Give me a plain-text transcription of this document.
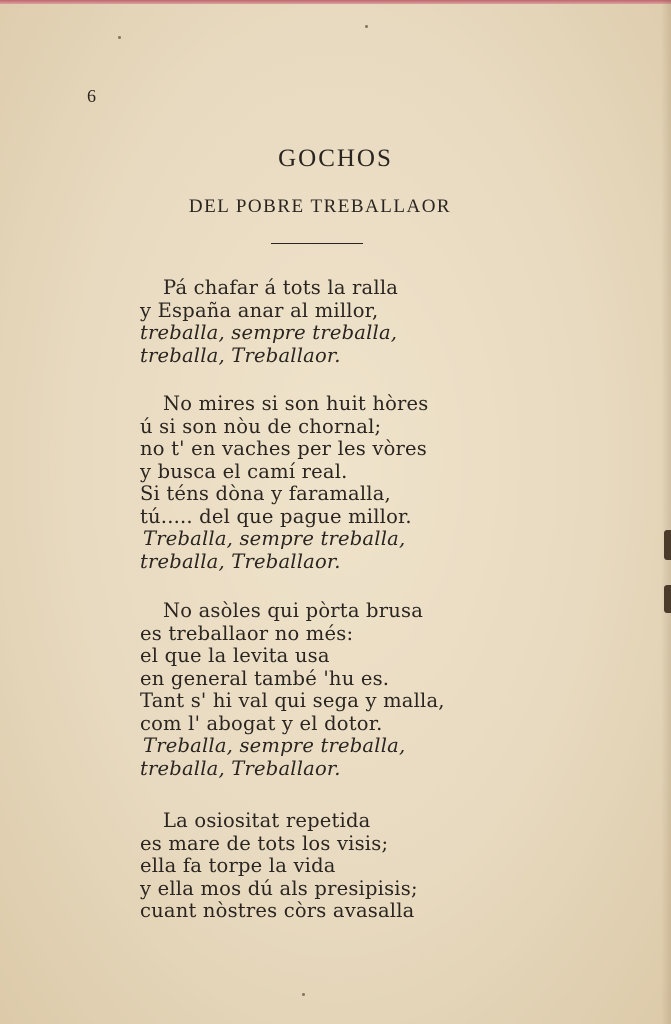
6
GOCHOS
DEL POBRE TREBALLAOR
Pá chafar á tots la ralla
y España anar al millor,
treballa, sempre treballa,
treballa, Treballaor.
No mires si son huit hòres
ú si son nòu de chornal;
no t' en vaches per les vòres
y busca el camí real.
Si téns dòna y faramalla,
tú..... del que pague millor.
Treballa, sempre treballa,
treballa, Treballaor.
No asòles qui pòrta brusa
es treballaor no més:
el que la levita usa
en general també 'hu es.
Tant s' hi val qui sega y malla,
com l' abogat y el dotor.
Treballa, sempre treballa,
treballa, Treballaor.
La osiositat repetida
es mare de tots los visis;
ella fa torpe la vida
y ella mos dú als presipisis;
cuant nòstres còrs avasalla
